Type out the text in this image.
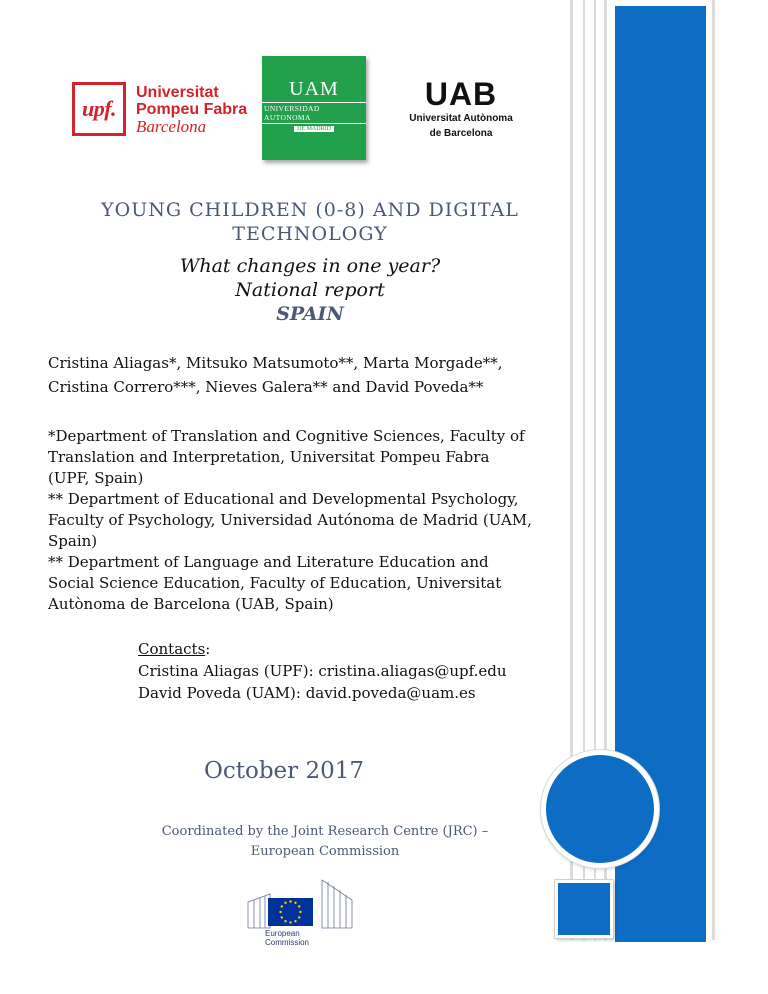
upf.
Universitat
Pompeu Fabra
Barcelona
UAM
UNIVERSIDAD AUTONOMA
DE MADRID
UAB
Universitat Autònoma
de Barcelona
YOUNG CHILDREN (0-8) AND DIGITAL
TECHNOLOGY
What changes in one year?
National report
SPAIN
Cristina Aliagas*, Mitsuko Matsumoto**, Marta Morgade**,
Cristina Correro***, Nieves Galera** and David Poveda**
*Department of Translation and Cognitive Sciences, Faculty of
Translation and Interpretation, Universitat Pompeu Fabra
(UPF, Spain)
** Department of Educational and Developmental Psychology,
Faculty of Psychology, Universidad Autónoma de Madrid (UAM,
Spain)
** Department of Language and Literature Education and
Social Science Education, Faculty of Education, Universitat
Autònoma de Barcelona (UAB, Spain)
Contacts:
Cristina Aliagas (UPF): cristina.aliagas@upf.edu
David Poveda (UAM): david.poveda@uam.es
October 2017
Coordinated by the Joint Research Centre (JRC) –
European Commission
European
Commission
